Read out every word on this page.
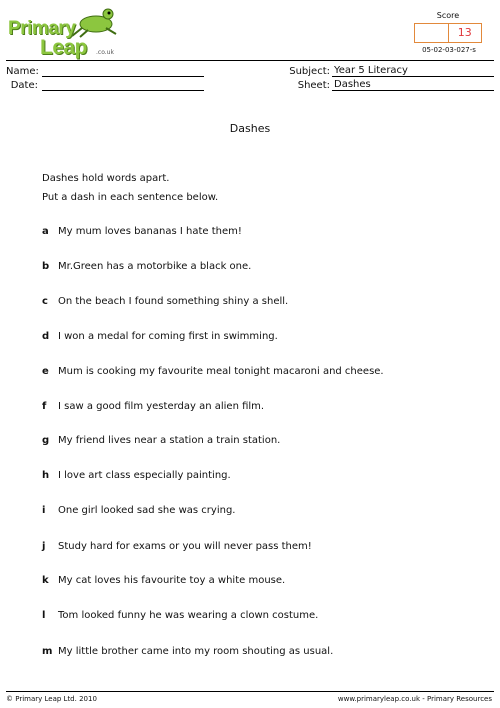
Primary
Leap .co.uk
Score
13
05-02-03-027-s
Name:
Date:
Subject: Year 5 Literacy
Sheet: Dashes
Dashes
Dashes hold words apart.
Put a dash in each sentence below.
a My mum loves bananas I hate them!
b Mr.Green has a motorbike a black one.
c On the beach I found something shiny a shell.
d I won a medal for coming first in swimming.
e Mum is cooking my favourite meal tonight macaroni and cheese.
f I saw a good film yesterday an alien film.
g My friend lives near a station a train station.
h I love art class especially painting.
i One girl looked sad she was crying.
j Study hard for exams or you will never pass them!
k My cat loves his favourite toy a white mouse.
l Tom looked funny he was wearing a clown costume.
m My little brother came into my room shouting as usual.
© Primary Leap Ltd. 2010	www.primaryleap.co.uk - Primary Resources
